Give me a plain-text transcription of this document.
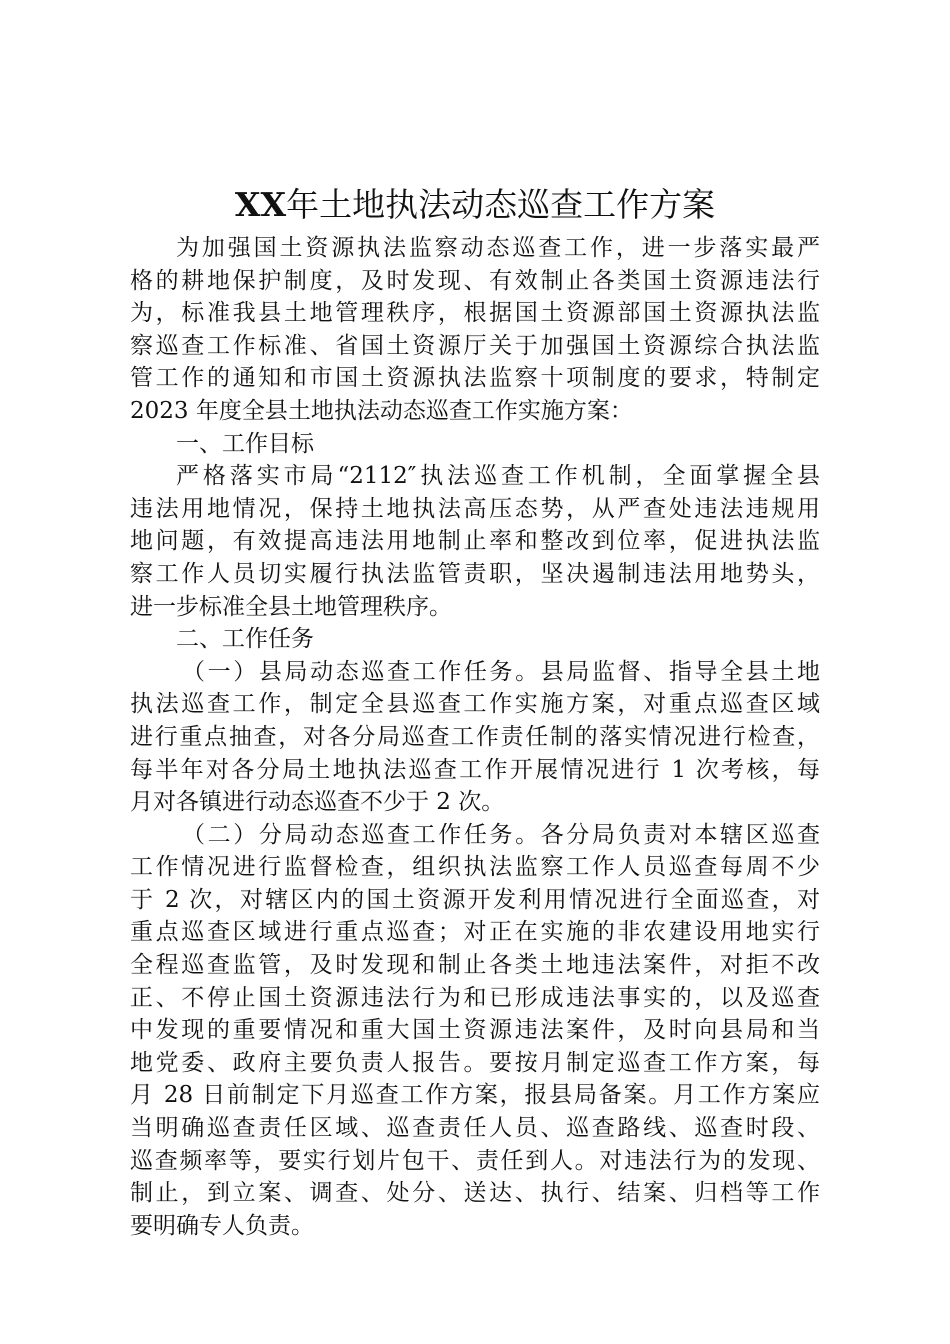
XX年土地执法动态巡查工作方案
为加强国土资源执法监察动态巡查工作，进一步落实最严
格的耕地保护制度，及时发现、有效制止各类国土资源违法行
为，标准我县土地管理秩序，根据国土资源部国土资源执法监
察巡查工作标准、省国土资源厅关于加强国土资源综合执法监
管工作的通知和市国土资源执法监察十项制度的要求，特制定
2023 年度全县土地执法动态巡查工作实施方案：
一、工作目标
严格落实市局“2112″执法巡查工作机制，全面掌握全县
违法用地情况，保持土地执法高压态势，从严查处违法违规用
地问题，有效提高违法用地制止率和整改到位率，促进执法监
察工作人员切实履行执法监管责职，坚决遏制违法用地势头，
进一步标准全县土地管理秩序。
二、工作任务
（一）县局动态巡查工作任务。县局监督、指导全县土地
执法巡查工作，制定全县巡查工作实施方案，对重点巡查区域
进行重点抽查，对各分局巡查工作责任制的落实情况进行检查，
每半年对各分局土地执法巡查工作开展情况进行 1 次考核，每
月对各镇进行动态巡查不少于 2 次。
（二）分局动态巡查工作任务。各分局负责对本辖区巡查
工作情况进行监督检查，组织执法监察工作人员巡查每周不少
于 2 次，对辖区内的国土资源开发利用情况进行全面巡查，对
重点巡查区域进行重点巡查；对正在实施的非农建设用地实行
全程巡查监管，及时发现和制止各类土地违法案件，对拒不改
正、不停止国土资源违法行为和已形成违法事实的，以及巡查
中发现的重要情况和重大国土资源违法案件，及时向县局和当
地党委、政府主要负责人报告。要按月制定巡查工作方案，每
月 28 日前制定下月巡查工作方案，报县局备案。月工作方案应
当明确巡查责任区域、巡查责任人员、巡查路线、巡查时段、
巡查频率等，要实行划片包干、责任到人。对违法行为的发现、
制止，到立案、调查、处分、送达、执行、结案、归档等工作
要明确专人负责。
